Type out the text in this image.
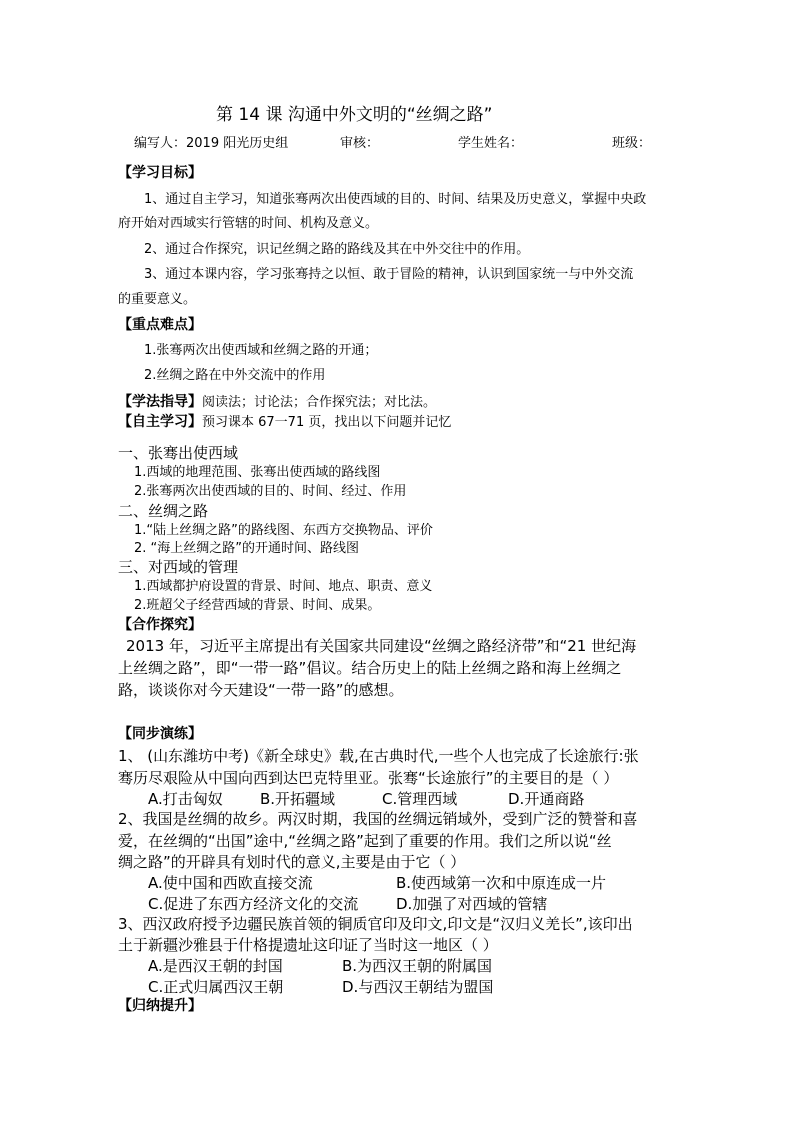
第 14 课 沟通中外文明的“丝绸之路”
编写人：2019 阳光历史组	审核：	学生姓名：	班级：
【学习目标】
1、通过自主学习，知道张骞两次出使西域的目的、时间、结果及历史意义，掌握中央政
府开始对西域实行管辖的时间、机构及意义。
2、通过合作探究，识记丝绸之路的路线及其在中外交往中的作用。
3、通过本课内容，学习张骞持之以恒、敢于冒险的精神，认识到国家统一与中外交流
的重要意义。
【重点难点】
1.张骞两次出使西域和丝绸之路的开通；
2.丝绸之路在中外交流中的作用
【学法指导】阅读法；讨论法；合作探究法；对比法。
【自主学习】预习课本 67一71 页，找出以下问题并记忆
一、张骞出使西域
1.西域的地理范围、张骞出使西域的路线图
2.张骞两次出使西域的目的、时间、经过、作用
二、丝绸之路
1.“陆上丝绸之路”的路线图、东西方交换物品、评价
2. “海上丝绸之路”的开通时间、路线图
三、对西域的管理
1.西域都护府设置的背景、时间、地点、职责、意义
2.班超父子经营西域的背景、时间、成果。
【合作探究】
2013 年，习近平主席提出有关国家共同建设“丝绸之路经济带”和“21 世纪海
上丝绸之路”，即“一带一路”倡议。结合历史上的陆上丝绸之路和海上丝绸之
路，谈谈你对今天建设“一带一路”的感想。
【同步演练】
1、 (山东潍坊中考)《新全球史》载,在古典时代,一些个人也完成了长途旅行:张
骞历尽艰险从中国向西到达巴克特里亚。张骞“长途旅行”的主要目的是（ ）
A.打击匈奴 B.开拓疆域	C.管理西域	D.开通商路
2、我国是丝绸的故乡。两汉时期，我国的丝绸远销域外，受到广泛的赞誉和喜
爱，在丝绸的“出国”途中,“丝绸之路”起到了重要的作用。我们之所以说“丝
绸之路”的开辟具有划时代的意义,主要是由于它（ ）
A.使中国和西欧直接交流	B.使西域第一次和中原连成一片
C.促进了东西方经济文化的交流	D.加强了对西域的管辖
3、西汉政府授予边疆民族首领的铜质官印及印文,印文是“汉归义羌长”,该印出
土于新疆沙雅县于什格提遗址这印证了当时这一地区（ ）
A.是西汉王朝的封国	B.为西汉王朝的附属国
C.正式归属西汉王朝	D.与西汉王朝结为盟国
【归纳提升】
